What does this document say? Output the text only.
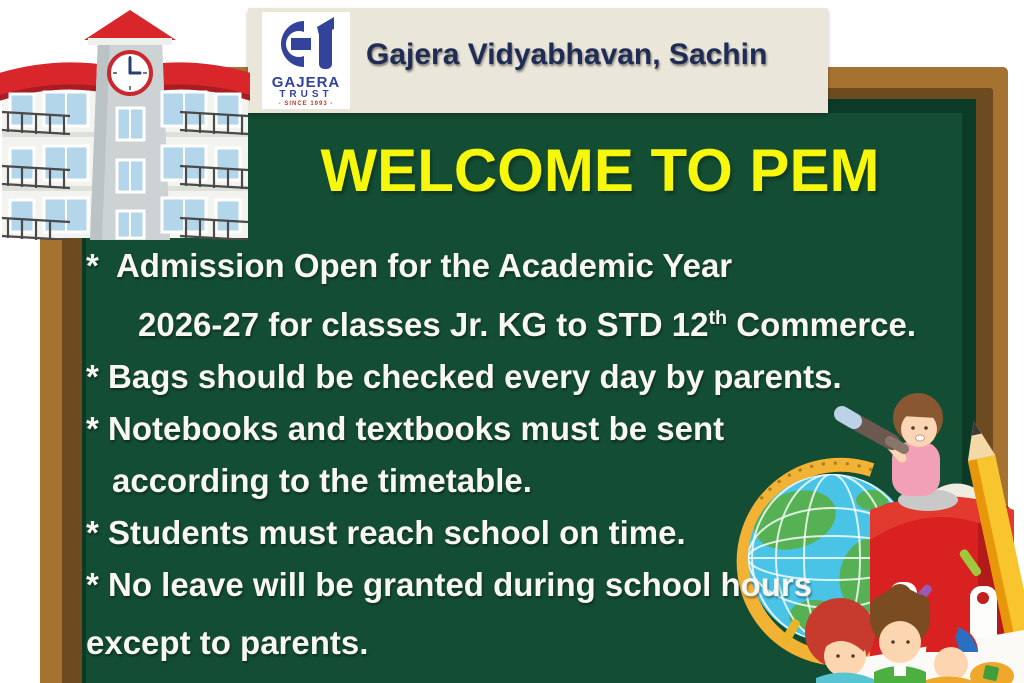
GAJERA
TRUST
- SINCE 1993 -
Gajera Vidyabhavan, Sachin
WELCOME TO PEM
*  Admission Open for the Academic Year
2026-27 for classes Jr. KG to STD 12th Commerce.
* Bags should be checked every day by parents.
* Notebooks and textbooks must be sent
according to the timetable.
* Students must reach school on time.
* No leave will be granted during school hours
except to parents.
